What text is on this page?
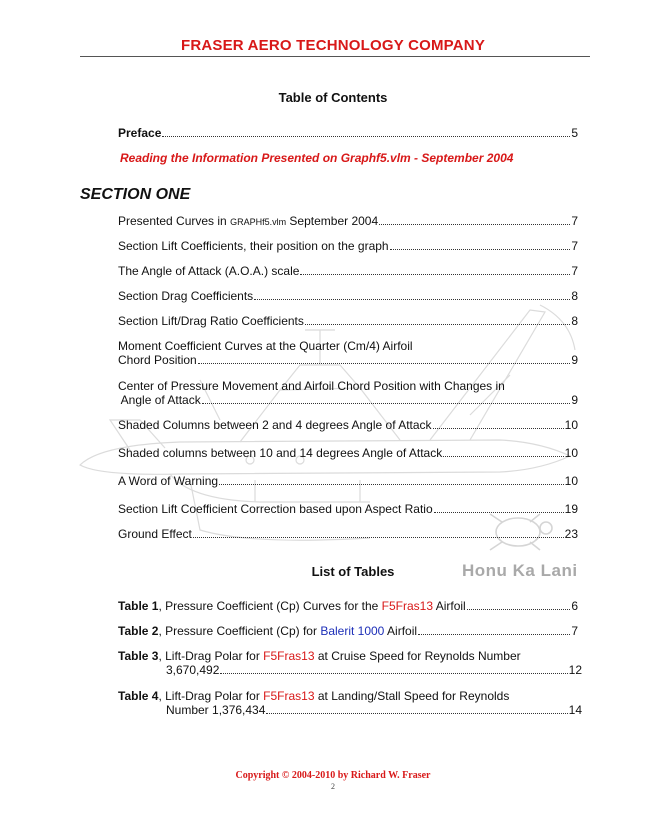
FRASER AERO TECHNOLOGY COMPANY
Honu Ka Lani
Table of Contents
Preface	5
Reading the Information Presented on Graphf5.vlm - September 2004
SECTION ONE
Presented Curves in GRAPHf5.vlm September 2004	7
Section Lift Coefficients, their position on the graph	7
The Angle of Attack (A.O.A.) scale	7
Section Drag Coefficients	8
Section Lift/Drag Ratio Coefficients	8
Moment Coefficient Curves at the Quarter (Cm/4) Airfoil
Chord Position	9
Center of Pressure Movement and Airfoil Chord Position with Changes in
Angle of Attack	9
Shaded Columns between 2 and 4 degrees Angle of Attack	10
Shaded columns between 10 and 14 degrees Angle of Attack	10
A Word of Warning	10
Section Lift Coefficient Correction based upon Aspect Ratio	19
Ground Effect	23
List of Tables
Table 1, Pressure Coefficient (Cp) Curves for the F5Fras13 Airfoil	6
Table 2, Pressure Coefficient (Cp) for Balerit 1000 Airfoil	7
Table 3, Lift-Drag Polar for F5Fras13 at Cruise Speed for Reynolds Number
3,670,492	12
Table 4, Lift-Drag Polar for F5Fras13 at Landing/Stall Speed for Reynolds
Number 1,376,434	14
Copyright © 2004-2010 by Richard W. Fraser
2
